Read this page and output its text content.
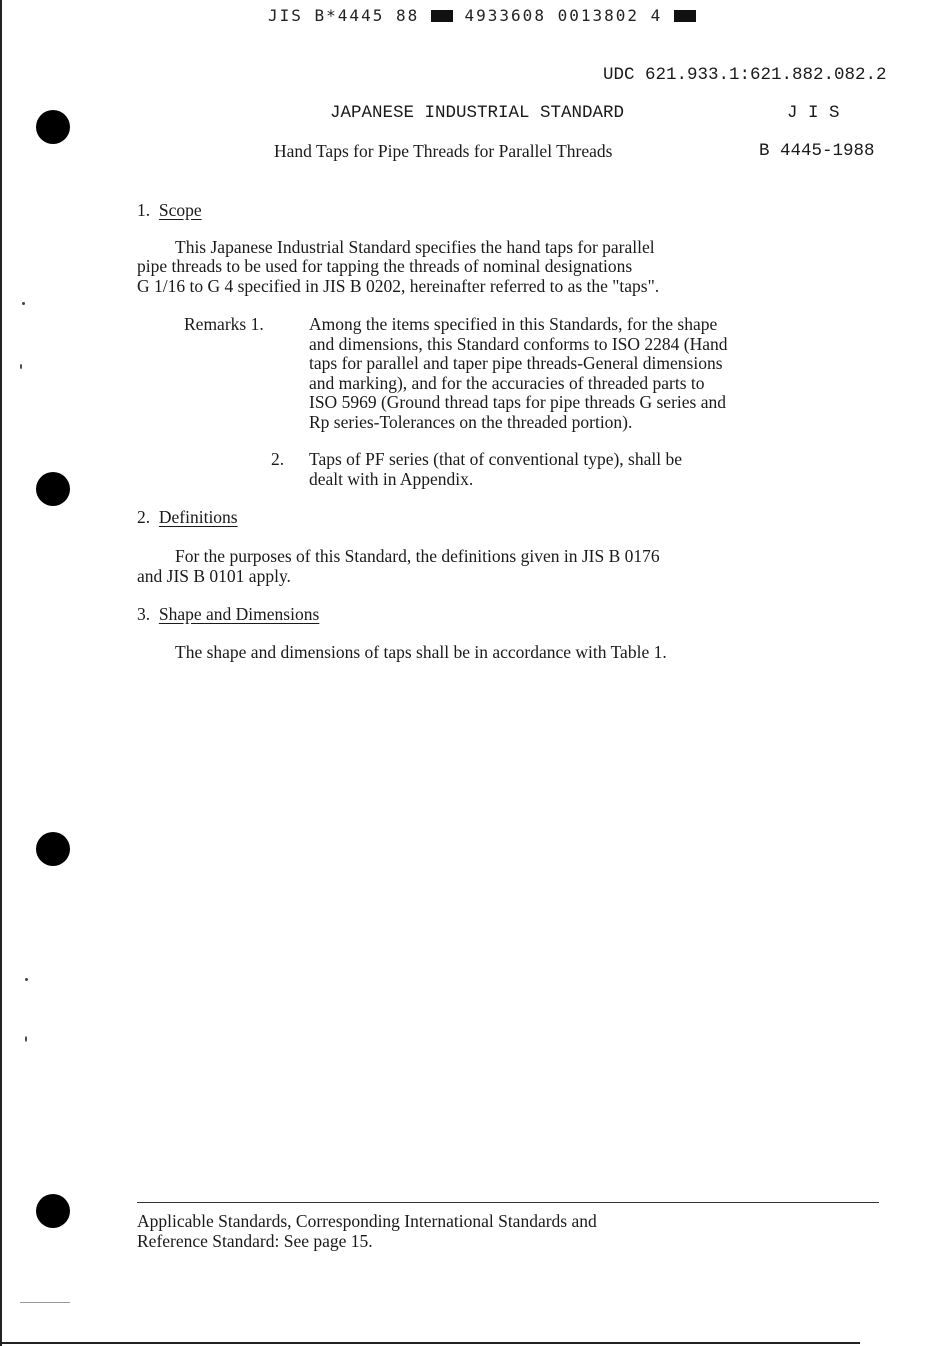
JIS B*4445 88	4933608 0013802 4
UDC 621.933.1:621.882.082.2
JAPANESE INDUSTRIAL STANDARD	J I S
Hand Taps for Pipe Threads for Parallel Threads	B 4445-1988
1. Scope
This Japanese Industrial Standard specifies the hand taps for parallel
pipe threads to be used for tapping the threads of nominal designations
G 1/16 to G 4 specified in JIS B 0202, hereinafter referred to as the "taps".
Remarks 1.	Among the items specified in this Standards, for the shape

and dimensions, this Standard conforms to ISO 2284 (Hand

taps for parallel and taper pipe threads-General dimensions

and marking), and for the accuracies of threaded parts to

ISO 5969 (Ground thread taps for pipe threads G series and

Rp series-Tolerances on the threaded portion).

2. Taps of PF series (that of conventional type), shall be

dealt with in Appendix.

2. Definitions
For the purposes of this Standard, the definitions given in JIS B 0176
and JIS B 0101 apply.
3. Shape and Dimensions
The shape and dimensions of taps shall be in accordance with Table 1.

Applicable Standards, Corresponding International Standards and

Reference Standard: See page 15.
